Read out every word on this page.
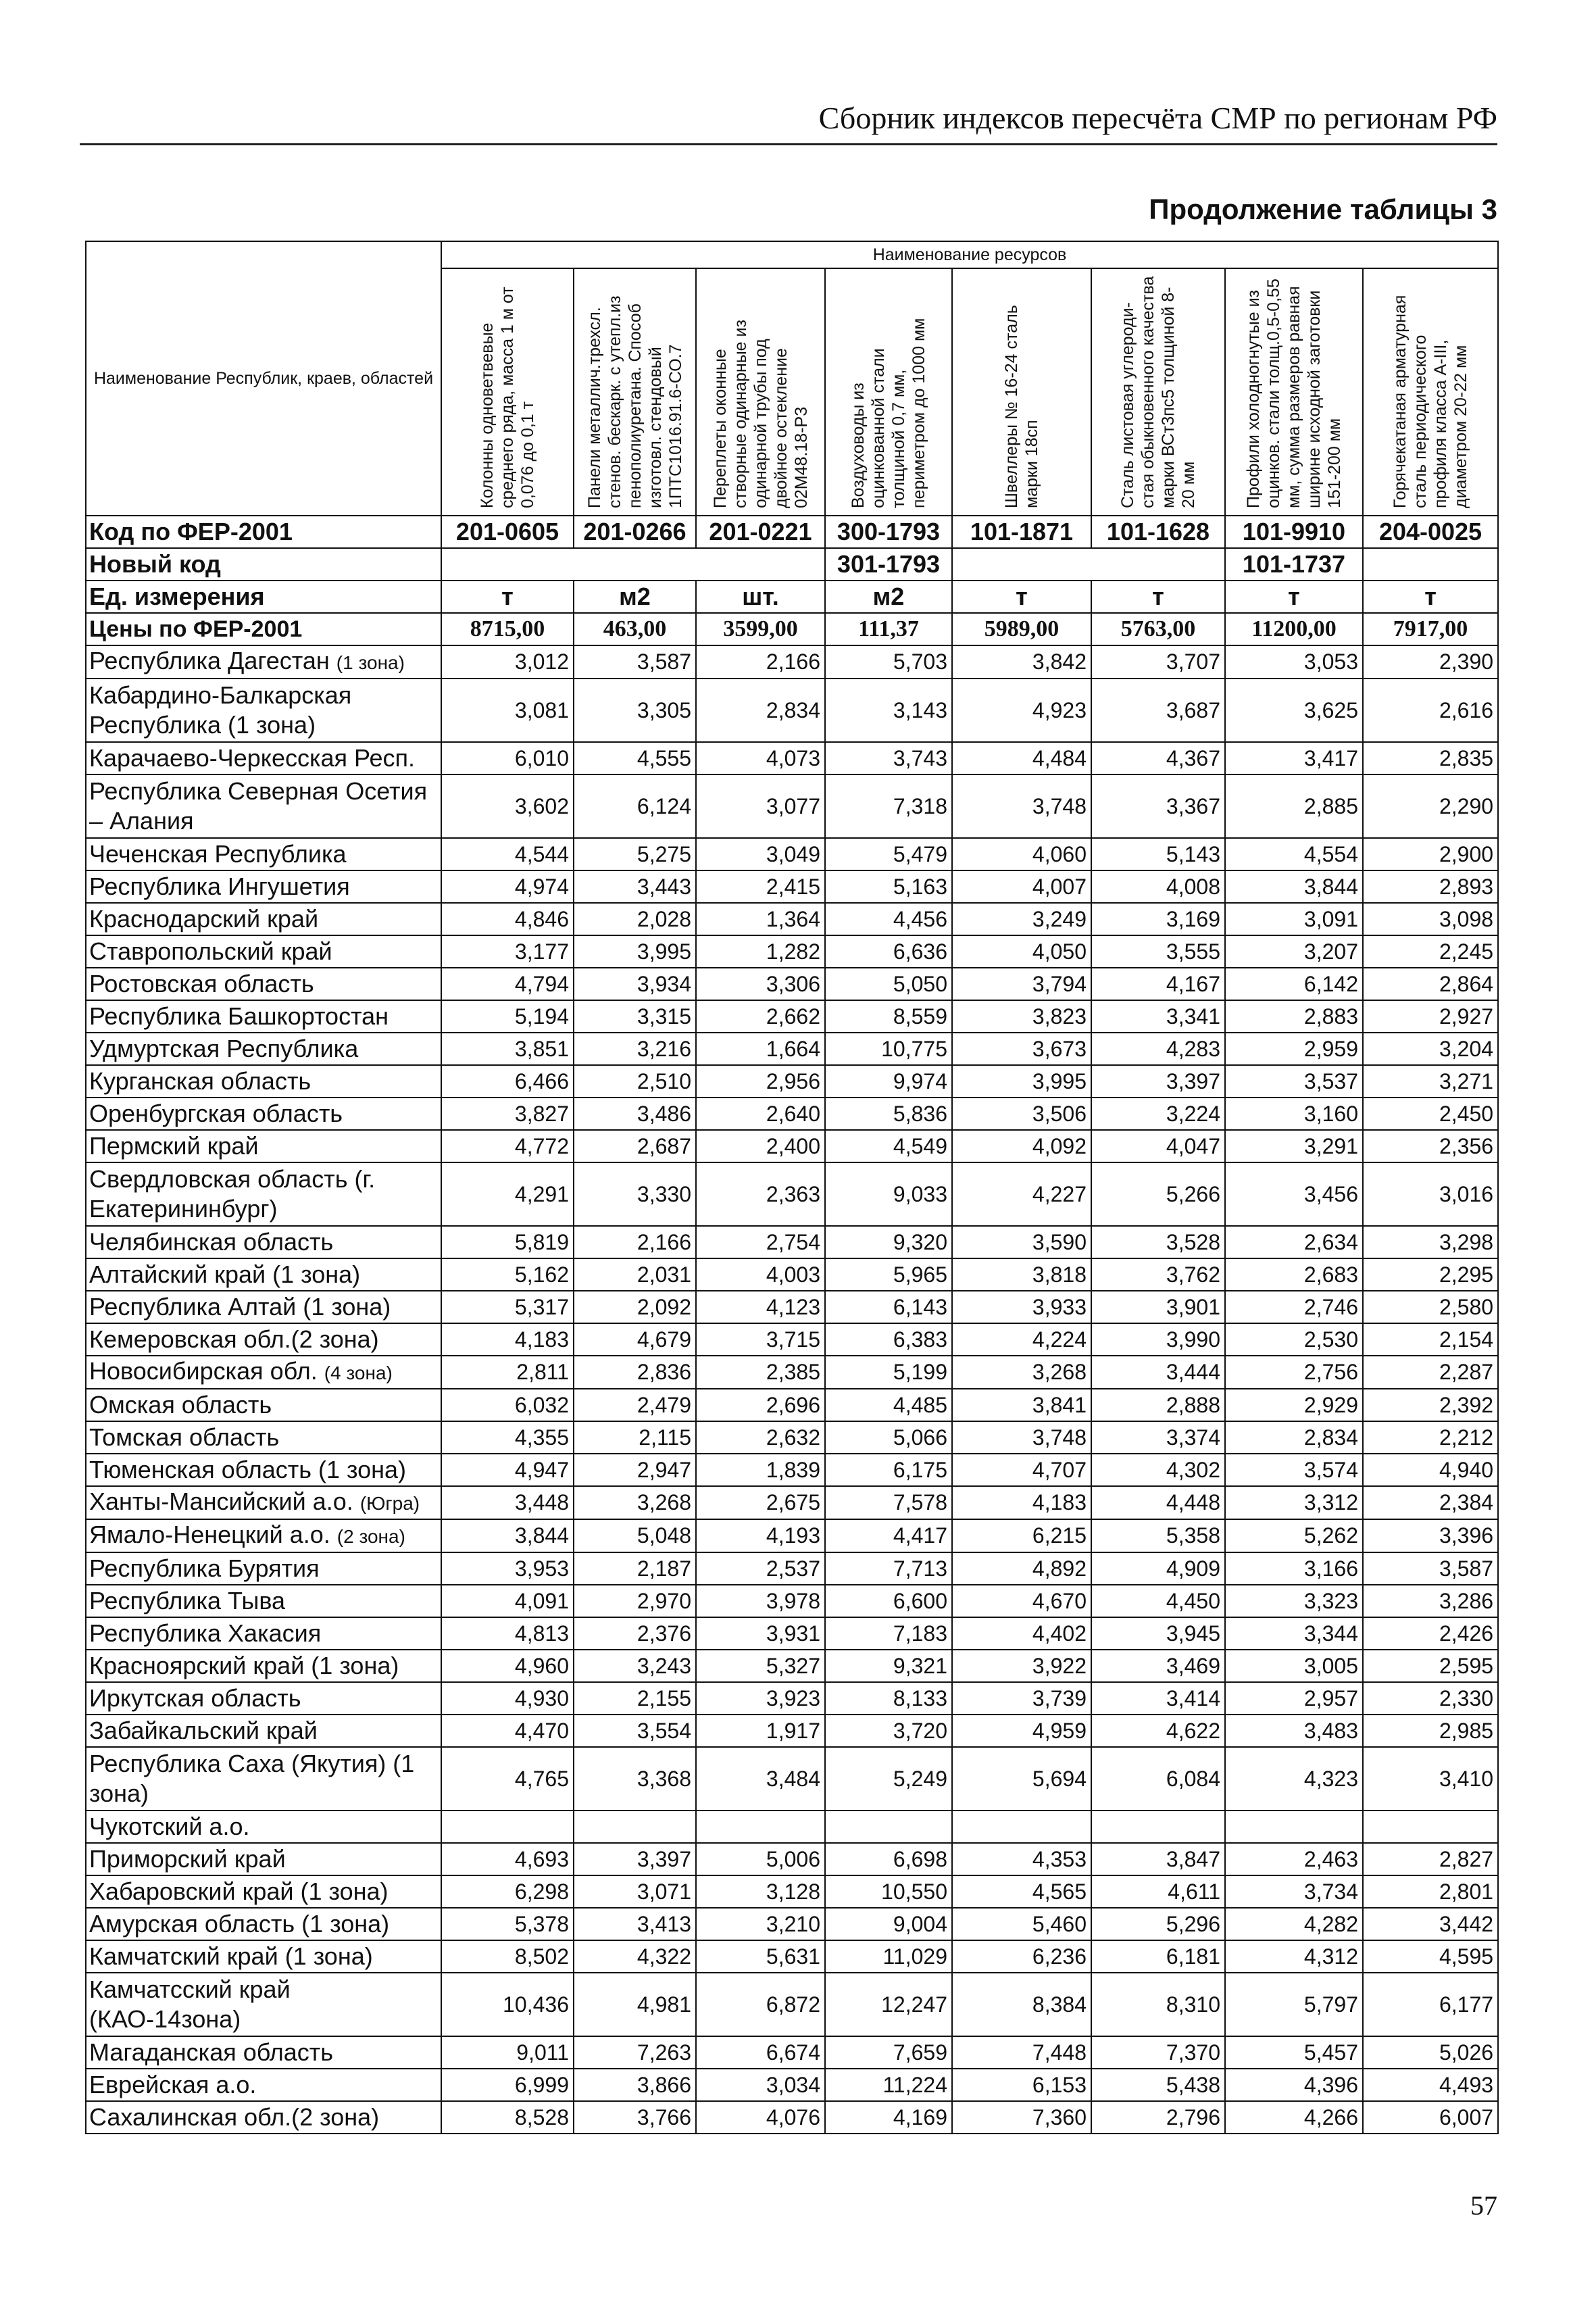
Сборник индексов пересчёта СМР по регионам РФ
Продолжение таблицы 3
Наименование Республик, краев, областей	Наименование ресурсов							

	Колонны одноветвевые среднего ряда, масса 1 м от 0,076 до 0,1 т	Панели металлич.трехсл. стенов. бескарк. с утепл.из пенополиуретана. Способ изготовл. стендовый 1ПТС1016.91.6-СО.7	Переплеты оконные створные одинарные из одинарной трубы под двойное остекление 02М48.18-Р3	Воздуховоды из оцинкованной стали толщиной 0,7 мм, периметром до 1000 мм	Швеллеры № 16-24 сталь марки 18сп	Сталь листовая углероди-стая обыкновенного качества марки ВСт3пс5 толщиной 8-20 мм	Профили холодногнутые из оцинков. стали толщ.0,5-0,55 мм, сумма размеров равная ширине исходной заготовки 151-200 мм	Горячекатаная арматурная сталь периодического профиля класса А-III, диаметром 20-22 мм

Код по ФЕР-2001	201-0605	201-0266	201-0221	300-1793	101-1871	101-1628	101-9910	204-0025
Новый код				301-1793			101-1737	
Ед. измерения	т	м2	шт.	м2	т	т	т	т
Цены по ФЕР-2001	8715,00	463,00	3599,00	111,37	5989,00	5763,00	11200,00	7917,00
Республика Дагестан (1 зона)	3,012	3,587	2,166	5,703	3,842	3,707	3,053	2,390
Кабардино-Балкарская Республика (1 зона)	3,081	3,305	2,834	3,143	4,923	3,687	3,625	2,616
Карачаево-Черкесская Респ.	6,010	4,555	4,073	3,743	4,484	4,367	3,417	2,835
Республика Северная Осетия – Алания	3,602	6,124	3,077	7,318	3,748	3,367	2,885	2,290
Чеченская Республика	4,544	5,275	3,049	5,479	4,060	5,143	4,554	2,900
Республика Ингушетия	4,974	3,443	2,415	5,163	4,007	4,008	3,844	2,893
Краснодарский край	4,846	2,028	1,364	4,456	3,249	3,169	3,091	3,098
Ставропольский край	3,177	3,995	1,282	6,636	4,050	3,555	3,207	2,245
Ростовская область	4,794	3,934	3,306	5,050	3,794	4,167	6,142	2,864
Республика Башкортостан	5,194	3,315	2,662	8,559	3,823	3,341	2,883	2,927
Удмуртская Республика	3,851	3,216	1,664	10,775	3,673	4,283	2,959	3,204
Курганская область	6,466	2,510	2,956	9,974	3,995	3,397	3,537	3,271
Оренбургская область	3,827	3,486	2,640	5,836	3,506	3,224	3,160	2,450
Пермский край	4,772	2,687	2,400	4,549	4,092	4,047	3,291	2,356
Свердловская область (г. Екатерининбург)	4,291	3,330	2,363	9,033	4,227	5,266	3,456	3,016
Челябинская область	5,819	2,166	2,754	9,320	3,590	3,528	2,634	3,298
Алтайский край (1 зона)	5,162	2,031	4,003	5,965	3,818	3,762	2,683	2,295
Республика Алтай (1 зона)	5,317	2,092	4,123	6,143	3,933	3,901	2,746	2,580
Кемеровская обл.(2 зона)	4,183	4,679	3,715	6,383	4,224	3,990	2,530	2,154
Новосибирская обл. (4 зона)	2,811	2,836	2,385	5,199	3,268	3,444	2,756	2,287
Омская область	6,032	2,479	2,696	4,485	3,841	2,888	2,929	2,392
Томская область	4,355	2,115	2,632	5,066	3,748	3,374	2,834	2,212
Тюменская область (1 зона)	4,947	2,947	1,839	6,175	4,707	4,302	3,574	4,940
Ханты-Мансийский а.о. (Югра)	3,448	3,268	2,675	7,578	4,183	4,448	3,312	2,384
Ямало-Ненецкий а.о. (2 зона)	3,844	5,048	4,193	4,417	6,215	5,358	5,262	3,396
Республика Бурятия	3,953	2,187	2,537	7,713	4,892	4,909	3,166	3,587
Республика Тыва	4,091	2,970	3,978	6,600	4,670	4,450	3,323	3,286
Республика Хакасия	4,813	2,376	3,931	7,183	4,402	3,945	3,344	2,426
Красноярский край (1 зона)	4,960	3,243	5,327	9,321	3,922	3,469	3,005	2,595
Иркутская область	4,930	2,155	3,923	8,133	3,739	3,414	2,957	2,330
Забайкальский край	4,470	3,554	1,917	3,720	4,959	4,622	3,483	2,985
Республика Саха (Якутия) (1 зона)	4,765	3,368	3,484	5,249	5,694	6,084	4,323	3,410
Чукотский а.о.								
Приморский край	4,693	3,397	5,006	6,698	4,353	3,847	2,463	2,827
Хабаровский край (1 зона)	6,298	3,071	3,128	10,550	4,565	4,611	3,734	2,801
Амурская область (1 зона)	5,378	3,413	3,210	9,004	5,460	5,296	4,282	3,442
Камчатский край (1 зона)	8,502	4,322	5,631	11,029	6,236	6,181	4,312	4,595
Камчатсский край (КАО-14зона)	10,436	4,981	6,872	12,247	8,384	8,310	5,797	6,177
Магаданская область	9,011	7,263	6,674	7,659	7,448	7,370	5,457	5,026
Еврейская а.о.	6,999	3,866	3,034	11,224	6,153	5,438	4,396	4,493
Сахалинская обл.(2 зона)	8,528	3,766	4,076	4,169	7,360	2,796	4,266	6,007
57
